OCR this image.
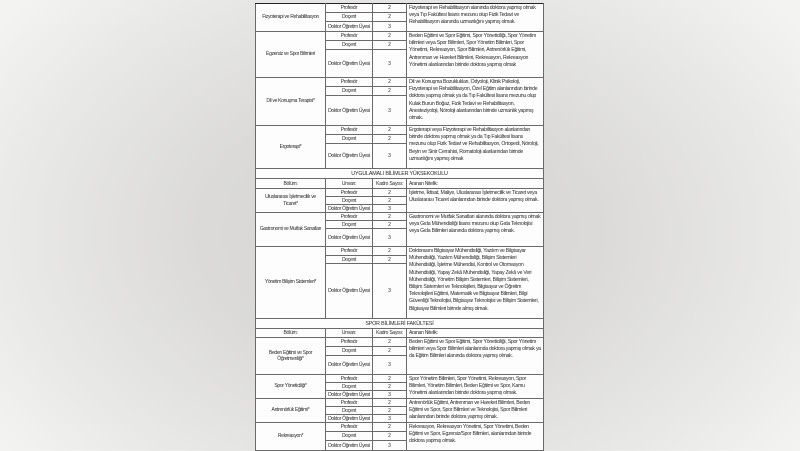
Fizyoterapi ve Rehabilitasyon	Profesör	2	Fizyoterapi ve Rehabilitasyon alanında doktora yapmış olmak veya Tıp Fakültesi lisans mezunu olup Fizik Tedavi ve Rehabilitasyon alanında uzmanlığını yapmış olmak.

	Doçent	2	
	Doktor Öğretim Üyesi	3	
Egzersiz ve Spor Bilimleri	Profesör	2	Beden Eğitimi ve Spor Eğitimi, Spor Yöneticiliği, Spor Yönetim bilimleri veya Spor Bilimleri, Spor Yönetim Bilimleri, Spor Yönetimi, Rekreasyon, Spor Bilimleri, Antrenörlük Eğitimi, Antrenman ve Hareket Bilimleri, Rekreasyon, Rekreasyon Yönetimi alanlarından birinde doktora yapmış olmak

	Doçent	2	
	Doktor Öğretim Üyesi	3	
Dil ve Konuşma Terapisi*	Profesör	2	Dil ve Konuşma Bozuklukları, Odyoloji, Klinik Psikoloji, Fizyoterapi ve Rehabilitasyon, Özel Eğitim alanlarından birinde doktora yapmış olmak ya da Tıp Fakültesi lisans mezunu olup Kulak Burun Boğaz, Fizik Tedavi ve Rehabilitasyon, Anesteziyoloji, Nöroloji alanlarından birinde uzmanlık yapmış olmak.

	Doçent	2	
	Doktor Öğretim Üyesi	3	
Ergoterapi*	Profesör	2	Ergoterapi veya Fizyoterapi ve Rehabilitasyon alanlarından birinde doktora yapmış olmak ya da Tıp Fakültesi lisans mezunu olup Fizik Tedavi ve Rehabilitasyon, Ortopedi, Nöroloji, Beyin ve Sinir Cerrahisi, Romatoloji alanlarından birinde uzmanlığını yapmış olmak

	Doçent	2	
	Doktor Öğretim Üyesi	3	
UYGULAMALI BİLİMLER YÜKSEKOKULU			
Bölüm:	Unvan:	Kadro Sayısı:	Aranan Nitelik:
Uluslararası İşletmecilik ve Ticaret*	Profesör	2	İşletme, İktisat, Maliye, Uluslararası İşletmecilik ve Ticaret veya Uluslararası Ticaret alanlarından birinde doktora yapmış olmak.

	Doçent	2	
	Doktor Öğretim Üyesi	3	
Gastronomi ve Mutfak Sanatları	Profesör	2	Gastronomi ve Mutfak Sanatları alanında doktora yapmış olmak veya Gıda Mühendisliği lisans mezunu olup Gıda Teknolojisi veya Gıda Bilimleri alanında doktora yapmış olmak.

	Doçent	2	
	Doktor Öğretim Üyesi	3	
Yönetim Bilişim Sistemleri*	Profesör	2	Doktorasını Bilgisayar Mühendisliği, Yazılım ve Bilgisayar Mühendisliği, Yazılım Mühendisliği, Bilişim Sistemleri Mühendisliği, İşletme Mühendisi, Kontrol ve Otomasyon Mühendisliği, Yapay Zekâ Mühendisliği, Yapay Zekâ ve Veri Mühendisliği, Yönetim Bilişim Sistemleri, Bilişim Sistemleri, Bilişim Sistemleri ve Teknolojileri, Bilgisayar ve Öğretim Teknolojileri Eğitimi, Matematik ve Bilgisayar Bilimleri, Bilgi Güvenliği Teknolojisi, Bilgisayar Teknolojisi ve Bilişim Sistemleri, Bilgisayar Bilimleri birinde almış olmak.

	Doçent	2	
	Doktor Öğretim Üyesi	3	
SPOR BİLİMLERİ FAKÜLTESİ			
Bölüm:	Unvan:	Kadro Sayısı:	Aranan Nitelik:
Beden Eğitimi ve Spor Öğretmenliği*	Profesör	2	Beden Eğitimi ve Spor Eğitimi, Spor Yöneticiliği, Spor Yönetim bilimleri veya Spor Bilimleri alanlarında doktora yapmış olmak ya da Eğitim Bilimleri alanında doktora yapmış olmak.

	Doçent	2	
	Doktor Öğretim Üyesi	3	
Spor Yöneticiliği*	Profesör	2	Spor Yönetim Bilimleri, Spor Yönetimi, Rekreasyon, Spor Bilimleri, Yönetim Bilimleri, Beden Eğitimi ve Spor, Kamu Yönetimi alanlarından birinde doktora yapmış olmak.

	Doçent	2	
	Doktor Öğretim Üyesi	3	
Antrenörlük Eğitimi*	Profesör	2	Antrenörlük Eğitimi, Antrenman ve Hareket Bilimleri, Beden Eğitimi ve Spor, Spor Bilimleri ve Teknolojisi, Spor Bilimleri alanlarından birinde doktora yapmış olmak.

	Doçent	2	
	Doktor Öğretim Üyesi	3	
Rekreasyon*	Profesör	2	Rekreasyon, Rekreasyon Yönetimi, Spor Yönetimi, Beden Eğitimi ve Spor, Egzersiz/Spor Bilimleri, alanlarından birinde doktora yapmış olmak.

	Doçent	2	
	Doktor Öğretim Üyesi	3	
